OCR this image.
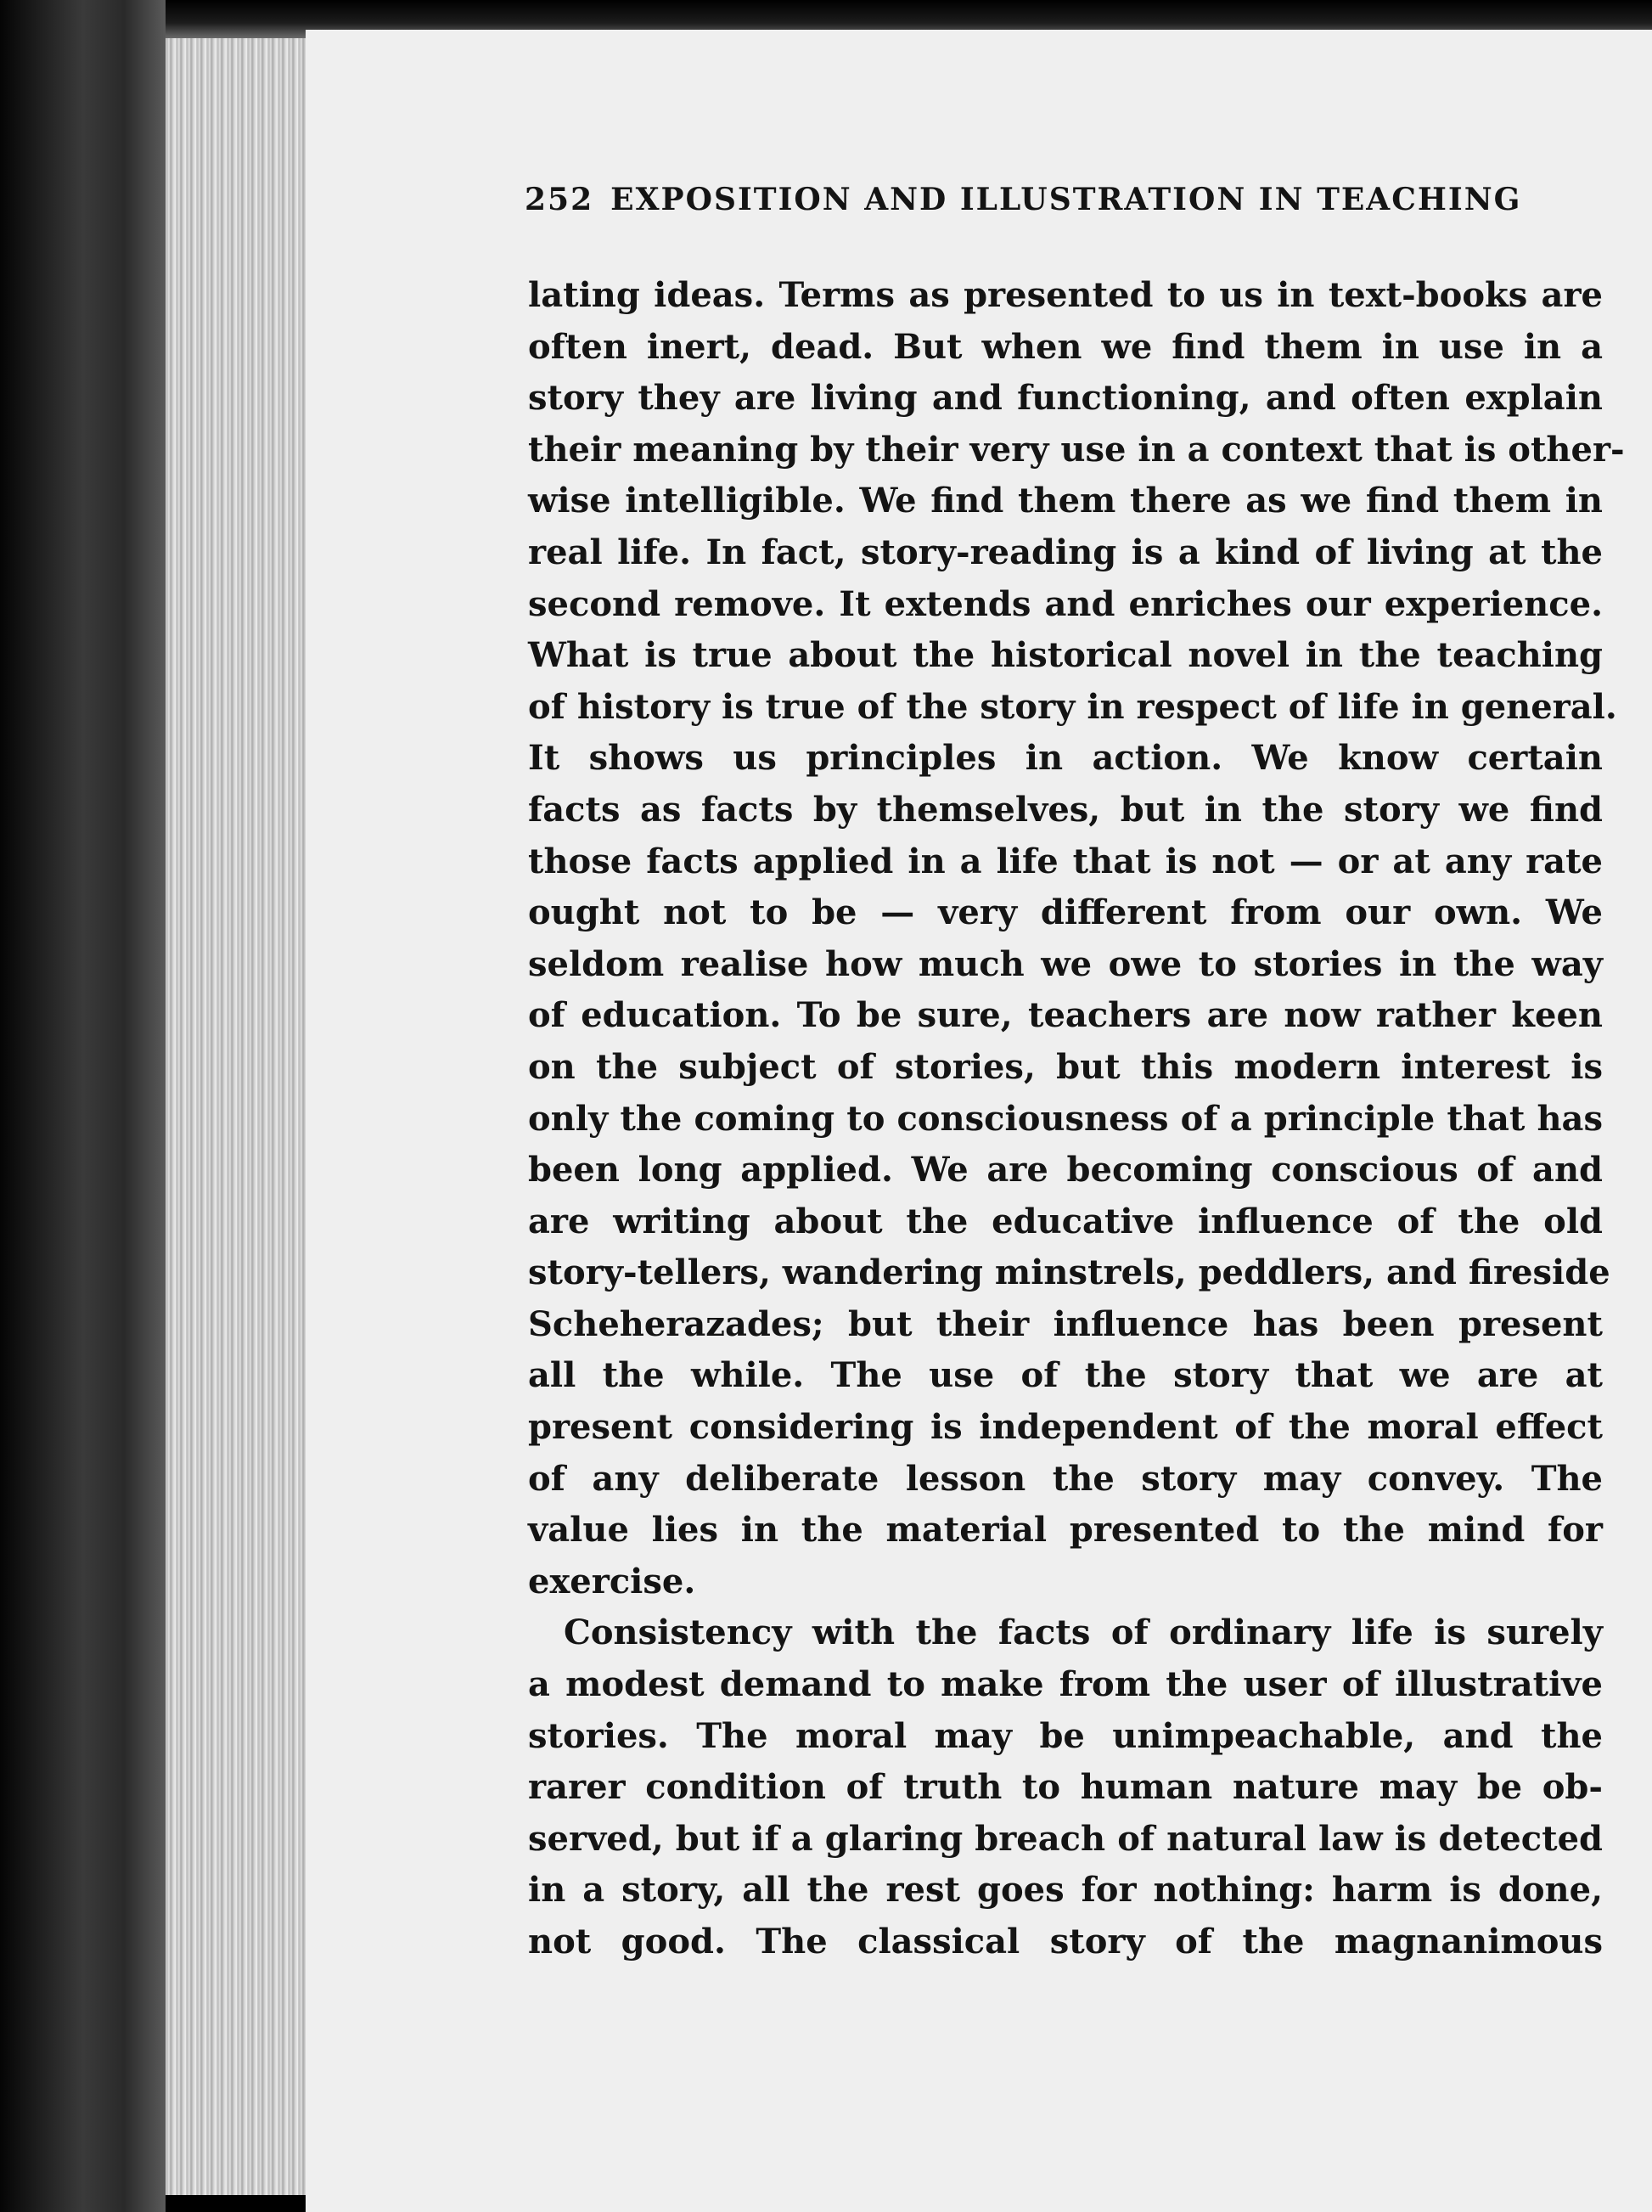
252 EXPOSITION AND ILLUSTRATION IN TEACHING
lating ideas. Terms as presented to us in text-books are
often inert, dead. But when we find them in use in a
story they are living and functioning, and often explain
their meaning by their very use in a context that is other-
wise intelligible. We find them there as we find them in
real life. In fact, story-reading is a kind of living at the
second remove. It extends and enriches our experience.
What is true about the historical novel in the teaching
of history is true of the story in respect of life in general.
It shows us principles in action. We know certain
facts as facts by themselves, but in the story we find
those facts applied in a life that is not — or at any rate
ought not to be — very different from our own. We
seldom realise how much we owe to stories in the way
of education. To be sure, teachers are now rather keen
on the subject of stories, but this modern interest is
only the coming to consciousness of a principle that has
been long applied. We are becoming conscious of and
are writing about the educative influence of the old
story-tellers, wandering minstrels, peddlers, and fireside
Scheherazades; but their influence has been present
all the while. The use of the story that we are at
present considering is independent of the moral effect
of any deliberate lesson the story may convey. The
value lies in the material presented to the mind for
exercise.
Consistency with the facts of ordinary life is surely
a modest demand to make from the user of illustrative
stories. The moral may be unimpeachable, and the
rarer condition of truth to human nature may be ob-
served, but if a glaring breach of natural law is detected
in a story, all the rest goes for nothing: harm is done,
not good. The classical story of the magnanimous
